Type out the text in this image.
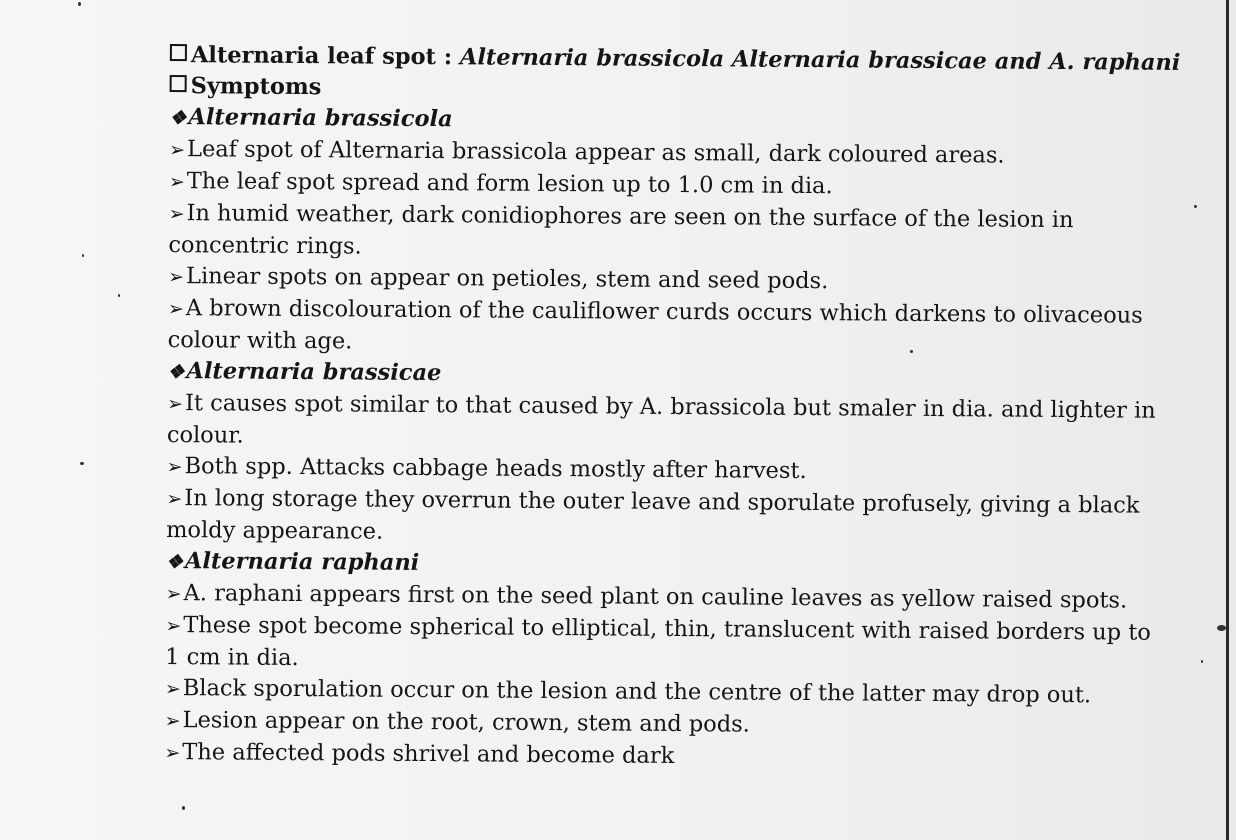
Alternaria leaf spot : Alternaria brassicola Alternaria brassicae and A. raphani
Symptoms
❖Alternaria brassicola
➢Leaf spot of Alternaria brassicola appear as small, dark coloured areas.
➢The leaf spot spread and form lesion up to 1.0 cm in dia.
➢In humid weather, dark conidiophores are seen on the surface of the lesion in
concentric rings.
➢Linear spots on appear on petioles, stem and seed pods.
➢A brown discolouration of the cauliflower curds occurs which darkens to olivaceous
colour with age.
❖Alternaria brassicae
➢It causes spot similar to that caused by A. brassicola but smaler in dia. and lighter in
colour.
➢Both spp. Attacks cabbage heads mostly after harvest.
➢In long storage they overrun the outer leave and sporulate profusely, giving a black
moldy appearance.
❖Alternaria raphani
➢A. raphani appears first on the seed plant on cauline leaves as yellow raised spots.
➢These spot become spherical to elliptical, thin, translucent with raised borders up to
1 cm in dia.
➢Black sporulation occur on the lesion and the centre of the latter may drop out.
➢Lesion appear on the root, crown, stem and pods.
➢The affected pods shrivel and become dark
